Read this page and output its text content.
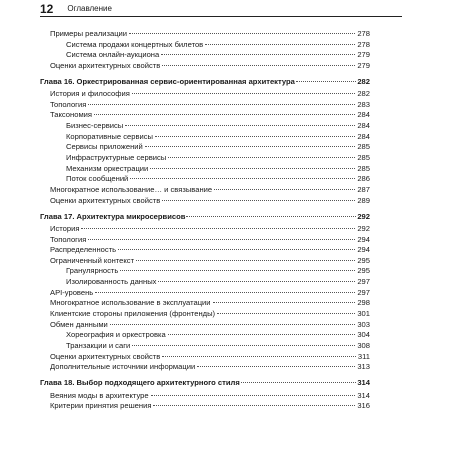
12 Оглавление
Примеры реализации	278
Система продажи концертных билетов	278
Система онлайн-аукциона	279
Оценки архитектурных свойств	279
Глава 16. Оркестрированная сервис-ориентированная архитектура	282
История и философия	282
Топология	283
Таксономия	284
Бизнес-сервисы	284
Корпоративные сервисы	284
Сервисы приложений	285
Инфраструктурные сервисы	285
Механизм оркестрации	285
Поток сообщений	286
Многократное использование… и связывание	287
Оценки архитектурных свойств	289
Глава 17. Архитектура микросервисов	292
История	292
Топология	294
Распределенность	294
Ограниченный контекст	295
Гранулярность	295
Изолированность данных	297
API-уровень	297
Многократное использование в эксплуатации	298
Клиентские стороны приложения (фронтенды)	301
Обмен данными	303
Хореография и оркестровка	304
Транзакции и саги	308
Оценки архитектурных свойств	311
Дополнительные источники информации	313
Глава 18. Выбор подходящего архитектурного стиля	314
Веяния моды в архитектуре	314
Критерии принятия решения	316
